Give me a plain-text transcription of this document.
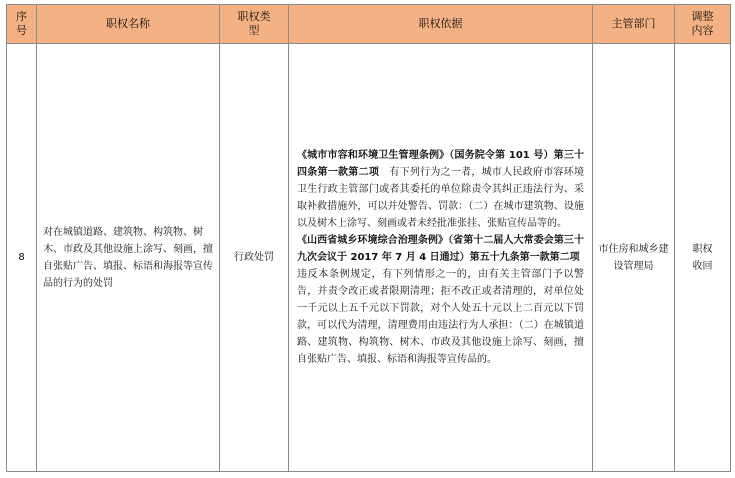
序号	职权名称	职权类型	职权依据	主管部门	调整内容
8	对在城镇道路、建筑物、构筑物、树木、市政及其他设施上涂写、刻画，擅自张贴广告、填报、标语和海报等宣传品的行为的处罚	行政处罚	《城市市容和环境卫生管理条例》（国务院令第 101 号）第三十四条第一款第二项　有下列行为之一者，城市人民政府市容环境卫生行政主管部门或者其委托的单位除责令其纠正违法行为、采取补救措施外，可以并处警告、罚款：（二）在城市建筑物、设施以及树木上涂写、刻画或者未经批准张挂、张贴宣传品等的。

《山西省城乡环境综合治理条例》（省第十二届人大常委会第三十九次会议于 2017 年 7 月 4 日通过）第五十九条第一款第二项　违反本条例规定，有下列情形之一的，由有关主管部门予以警告，并责令改正或者限期清理；拒不改正或者清理的，对单位处一千元以上五千元以下罚款，对个人处五十元以上二百元以下罚款，可以代为清理，清理费用由违法行为人承担：（二）在城镇道路、建筑物、构筑物、树木、市政及其他设施上涂写、刻画，擅自张贴广告、填报、标语和海报等宣传品的。	市住房和城乡建设管理局	职权收回
